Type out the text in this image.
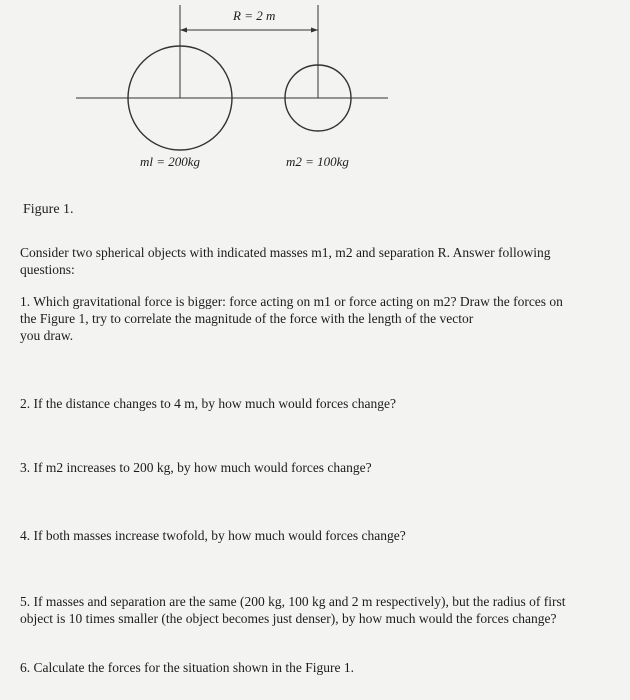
R = 2 m
ml = 200kg	m2 = 100kg

Figure 1.

Consider two spherical objects with indicated masses m1, m2 and separation R. Answer following

questions:

1. Which gravitational force is bigger: force acting on m1 or force acting on m2? Draw the forces on

the Figure 1, try to correlate the magnitude of the force with the length of the vector

you draw.

2. If the distance changes to 4 m, by how much would forces change?

3. If m2 increases to 200 kg, by how much would forces change?

4. If both masses increase twofold, by how much would forces change?

5. If masses and separation are the same (200 kg, 100 kg and 2 m respectively), but the radius of first

object is 10 times smaller (the object becomes just denser), by how much would the forces change?

6. Calculate the forces for the situation shown in the Figure 1.
